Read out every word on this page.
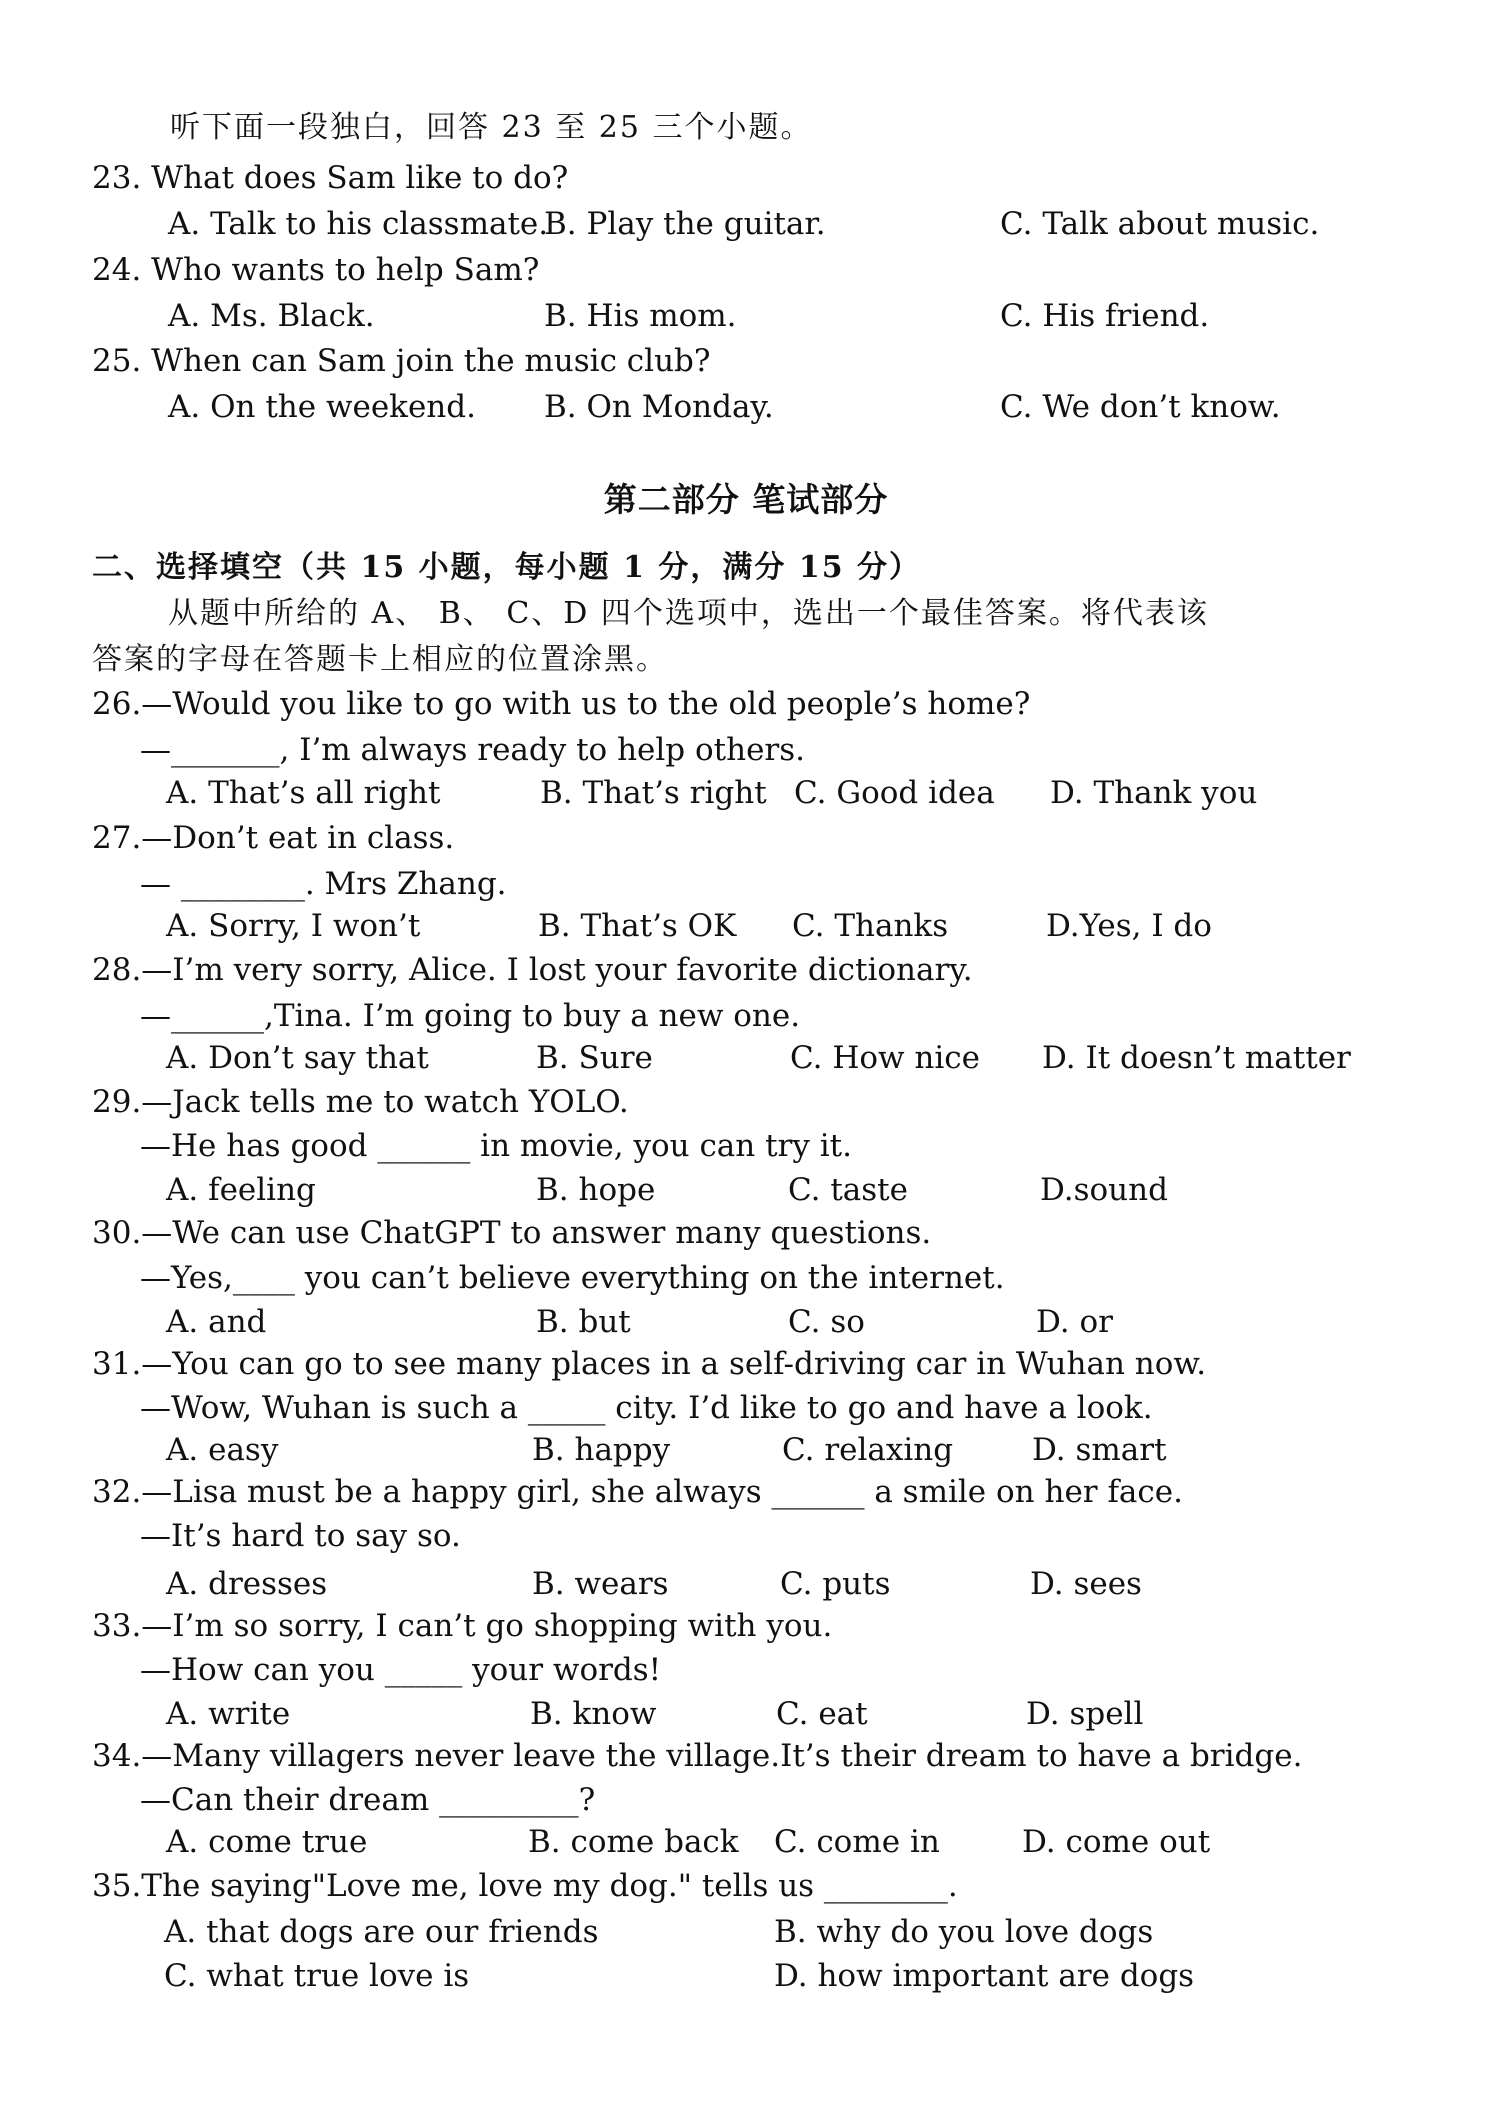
听下面一段独白，回答 23 至 25 三个小题。
23. What does Sam like to do?
A. Talk to his classmate.
B. Play the guitar.	C. Talk about music.
24. Who wants to help Sam?
A. Ms. Black.	B. His mom.	C. His friend.
25. When can Sam join the music club?
A. On the weekend. B. On Monday.	C. We don’t know.
第二部分 笔试部分
二、选择填空（共 15 小题，每小题 1 分，满分 15 分）
从题中所给的 A、 B、 C、D 四个选项中，选出一个最佳答案。将代表该
答案的字母在答题卡上相应的位置涂黑。
26.—Would you like to go with us to the old people’s home?
—_______, I’m always ready to help others.
A. That’s all right	B. That’s right C. Good idea D. Thank you
27.—Don’t eat in class.
— ________. Mrs Zhang.
A. Sorry, I won’t	B. That’s OK C. Thanks	D.Yes, I do
28.—I’m very sorry, Alice. I lost your favorite dictionary.
—______,Tina. I’m going to buy a new one.
A. Don’t say that	B. Sure	C. How nice D. It doesn’t matter
29.—Jack tells me to watch YOLO.
—He has good ______ in movie, you can try it.
A. feeling	B. hope	C. taste	D.sound
30.—We can use ChatGPT to answer many questions.
—Yes,____ you can’t believe everything on the internet.
A. and	B. but	C. so	D. or
31.—You can go to see many places in a self-driving car in Wuhan now.
—Wow, Wuhan is such a _____ city. I’d like to go and have a look.
A. easy	B. happy	C. relaxing	D. smart
32.—Lisa must be a happy girl, she always ______ a smile on her face.
—It’s hard to say so.
A. dresses	B. wears	C. puts	D. sees
33.—I’m so sorry, I can’t go shopping with you.
—How can you _____ your words!
A. write	B. know	C. eat	D. spell
34.—Many villagers never leave the village.It’s their dream to have a bridge.
—Can their dream _________?
A. come true	B. come back C. come in	D. come out
35.The saying"Love me, love my dog." tells us ________.
A. that dogs are our friends	B. why do you love dogs
C. what true love is	D. how important are dogs
